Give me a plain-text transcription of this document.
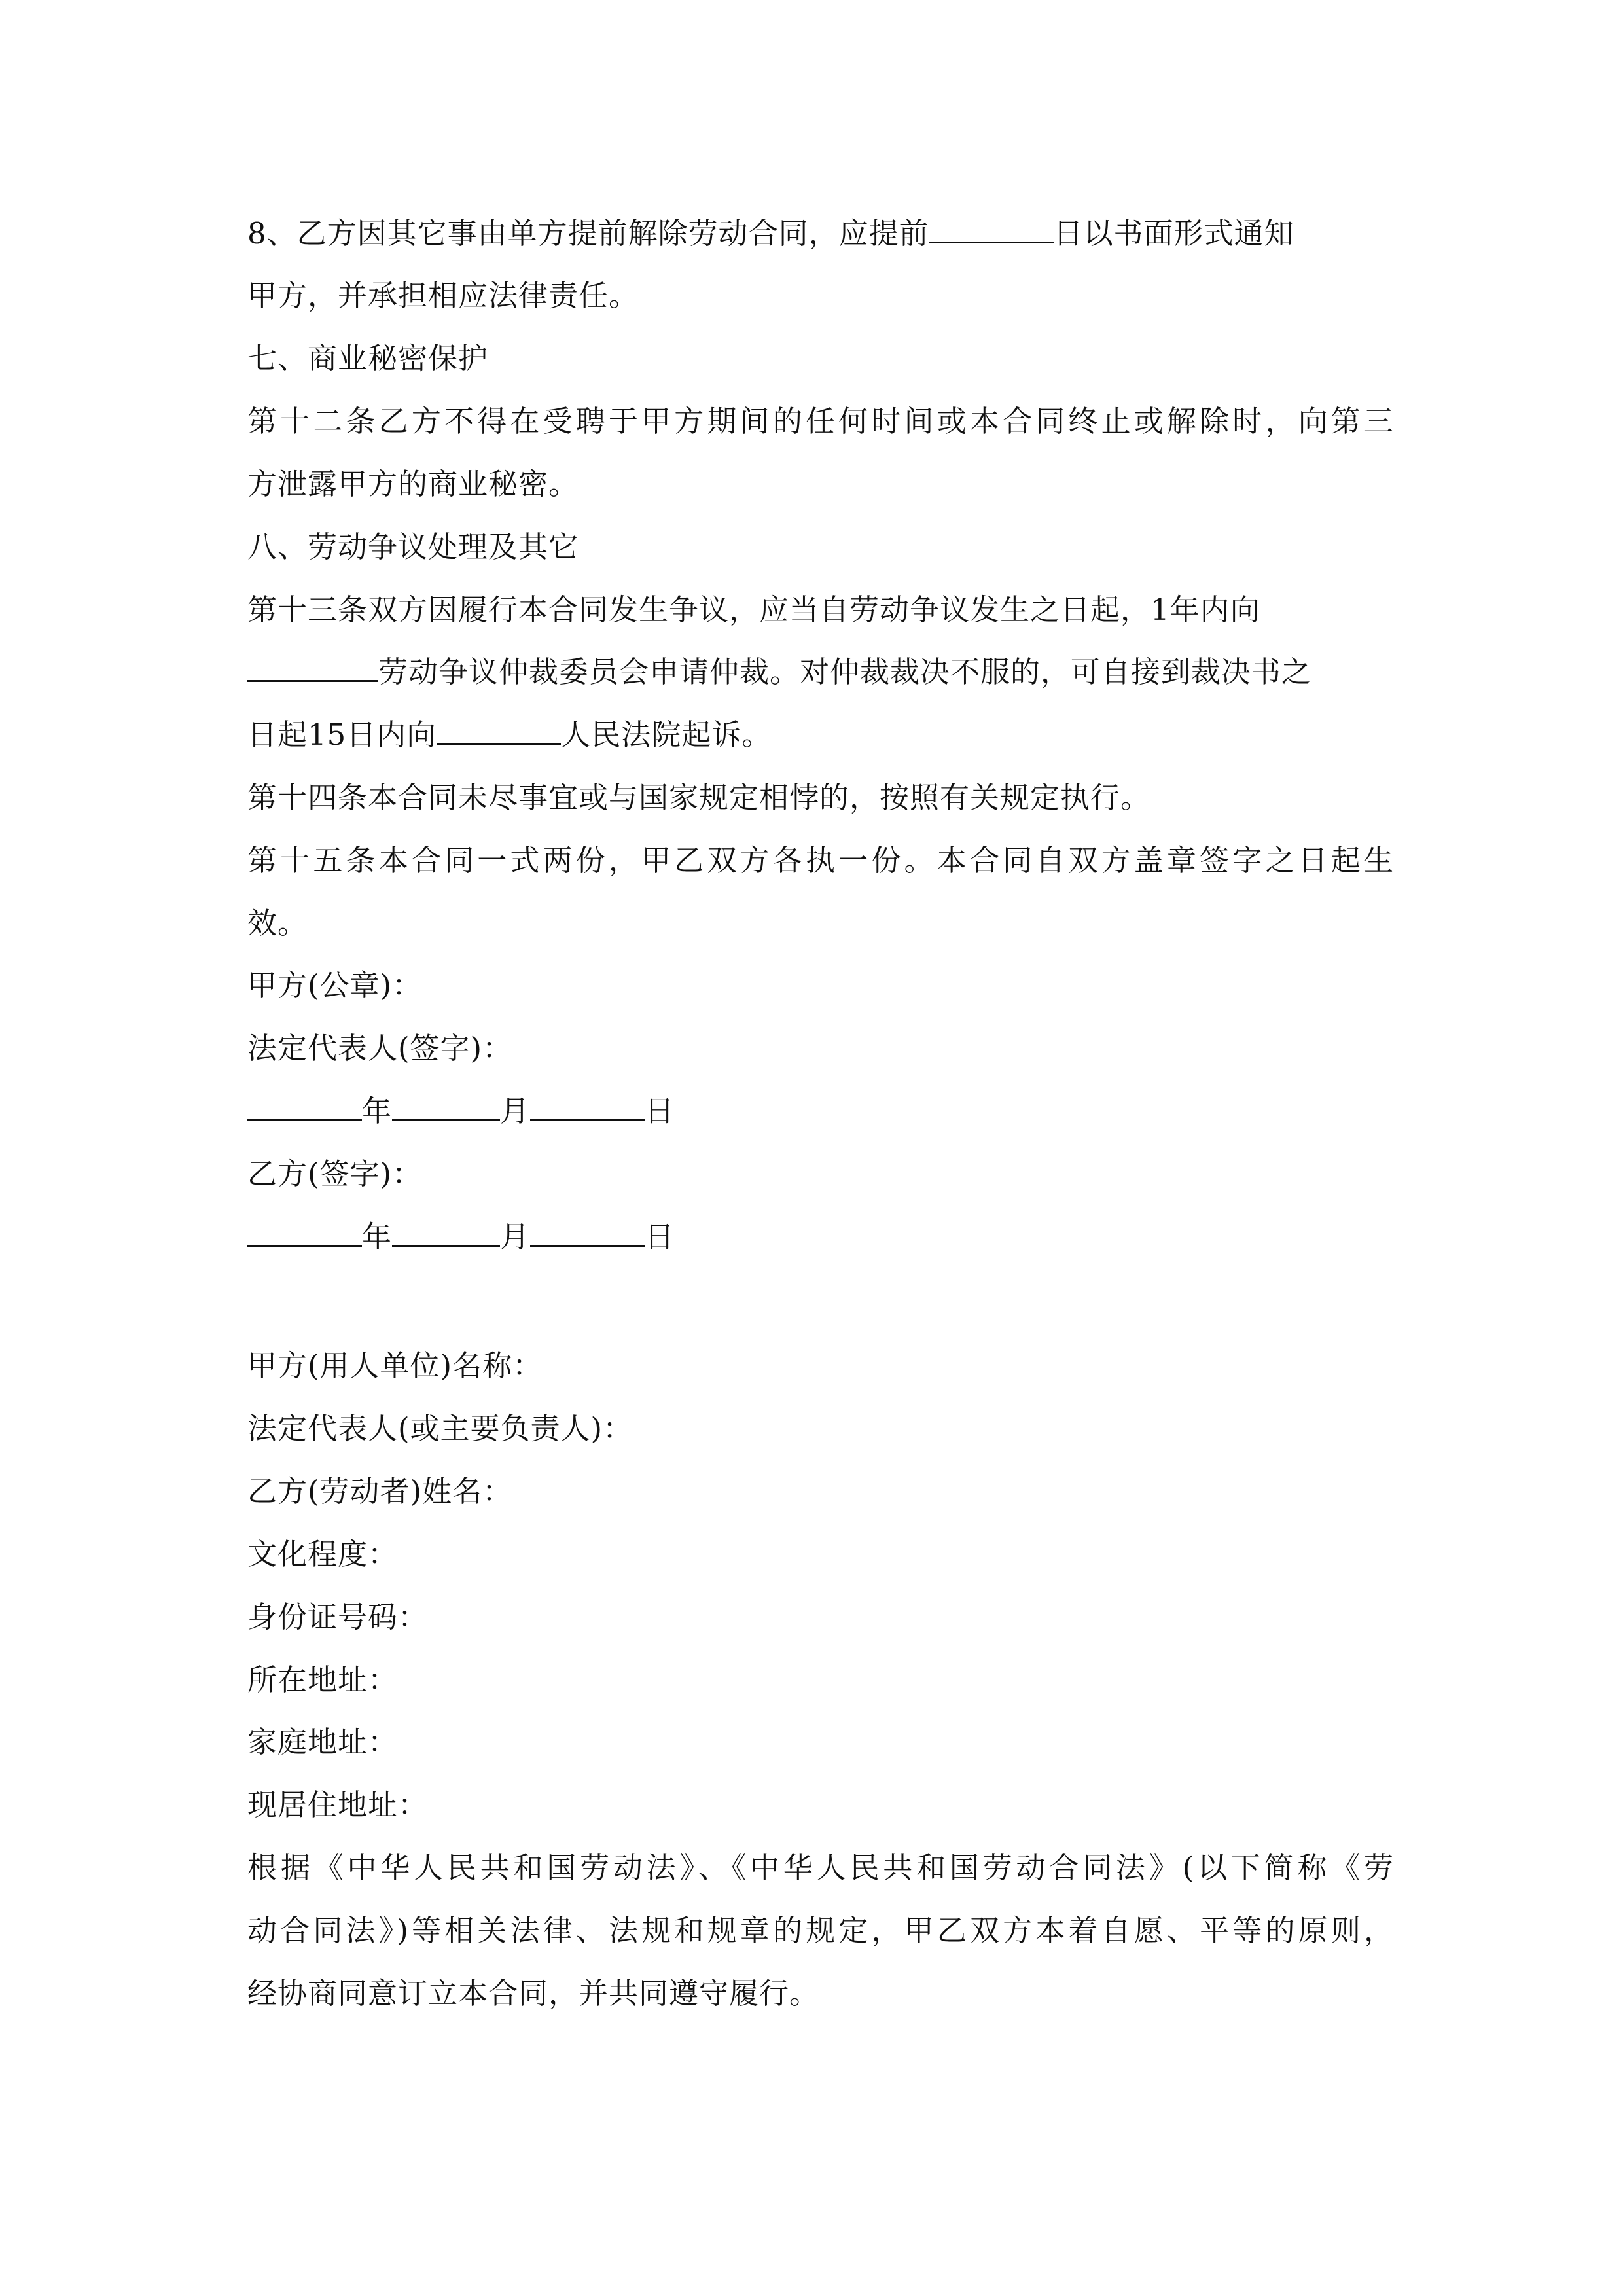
8、乙方因其它事由单方提前解除劳动合同，应提前	日以书面形式通知
甲方，并承担相应法律责任。
七、商业秘密保护
第十二条乙方不得在受聘于甲方期间的任何时间或本合同终止或解除时，向第三
方泄露甲方的商业秘密。
八、劳动争议处理及其它
第十三条双方因履行本合同发生争议，应当自劳动争议发生之日起，1年内向
劳动争议仲裁委员会申请仲裁。对仲裁裁决不服的，可自接到裁决书之
日起15日内向	人民法院起诉。
第十四条本合同未尽事宜或与国家规定相悖的，按照有关规定执行。
第十五条本合同一式两份，甲乙双方各执一份。本合同自双方盖章签字之日起生
效。
甲方(公章)：
法定代表人(签字)：
年	月	日
乙方(签字)：
年	月	日
甲方(用人单位)名称：
法定代表人(或主要负责人)：
乙方(劳动者)姓名：
文化程度：
身份证号码：
所在地址：
家庭地址：
现居住地址：
根据《中华人民共和国劳动法》、《中华人民共和国劳动合同法》(以下简称《劳
动合同法》)等相关法律、法规和规章的规定，甲乙双方本着自愿、平等的原则，
经协商同意订立本合同，并共同遵守履行。
